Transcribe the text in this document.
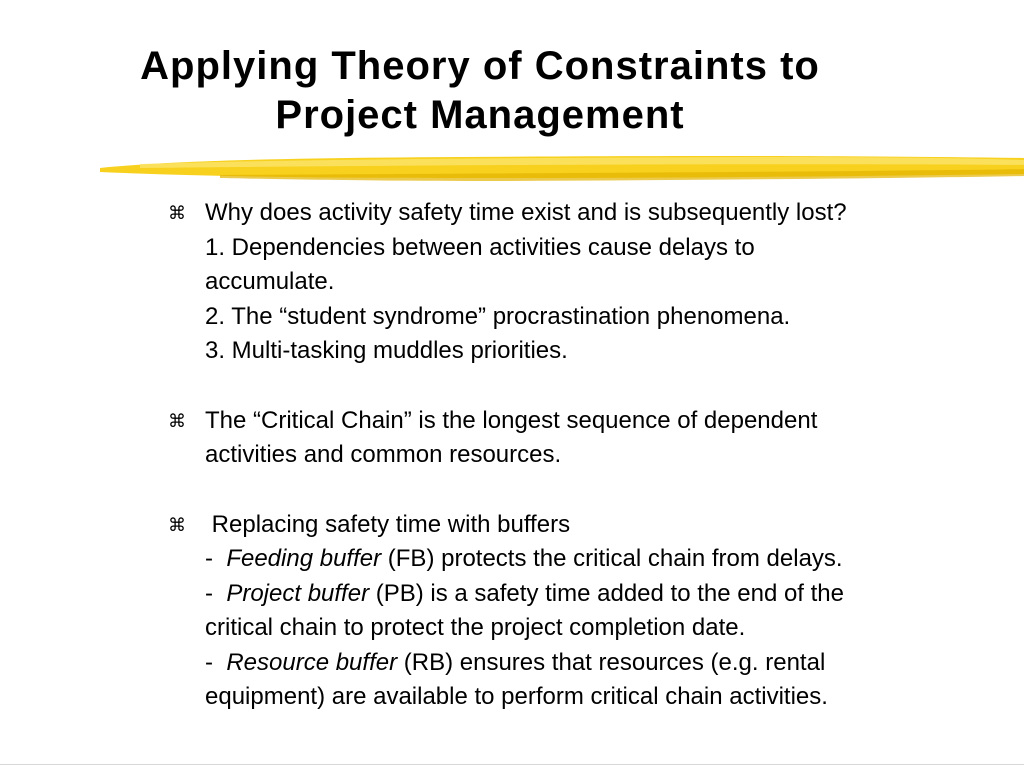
Applying Theory of Constraints to
Project Management
⌘ Why does activity safety time exist and is subsequently lost?
1. Dependencies between activities cause delays to
accumulate.
2. The “student syndrome” procrastination phenomena.
3. Multi-tasking muddles priorities.
⌘ The “Critical Chain” is the longest sequence of dependent
activities and common resources.
⌘ Replacing safety time with buffers
-  Feeding buffer (FB) protects the critical chain from delays.
-  Project buffer (PB) is a safety time added to the end of the
critical chain to protect the project completion date.
-  Resource buffer (RB) ensures that resources (e.g. rental
equipment) are available to perform critical chain activities.
